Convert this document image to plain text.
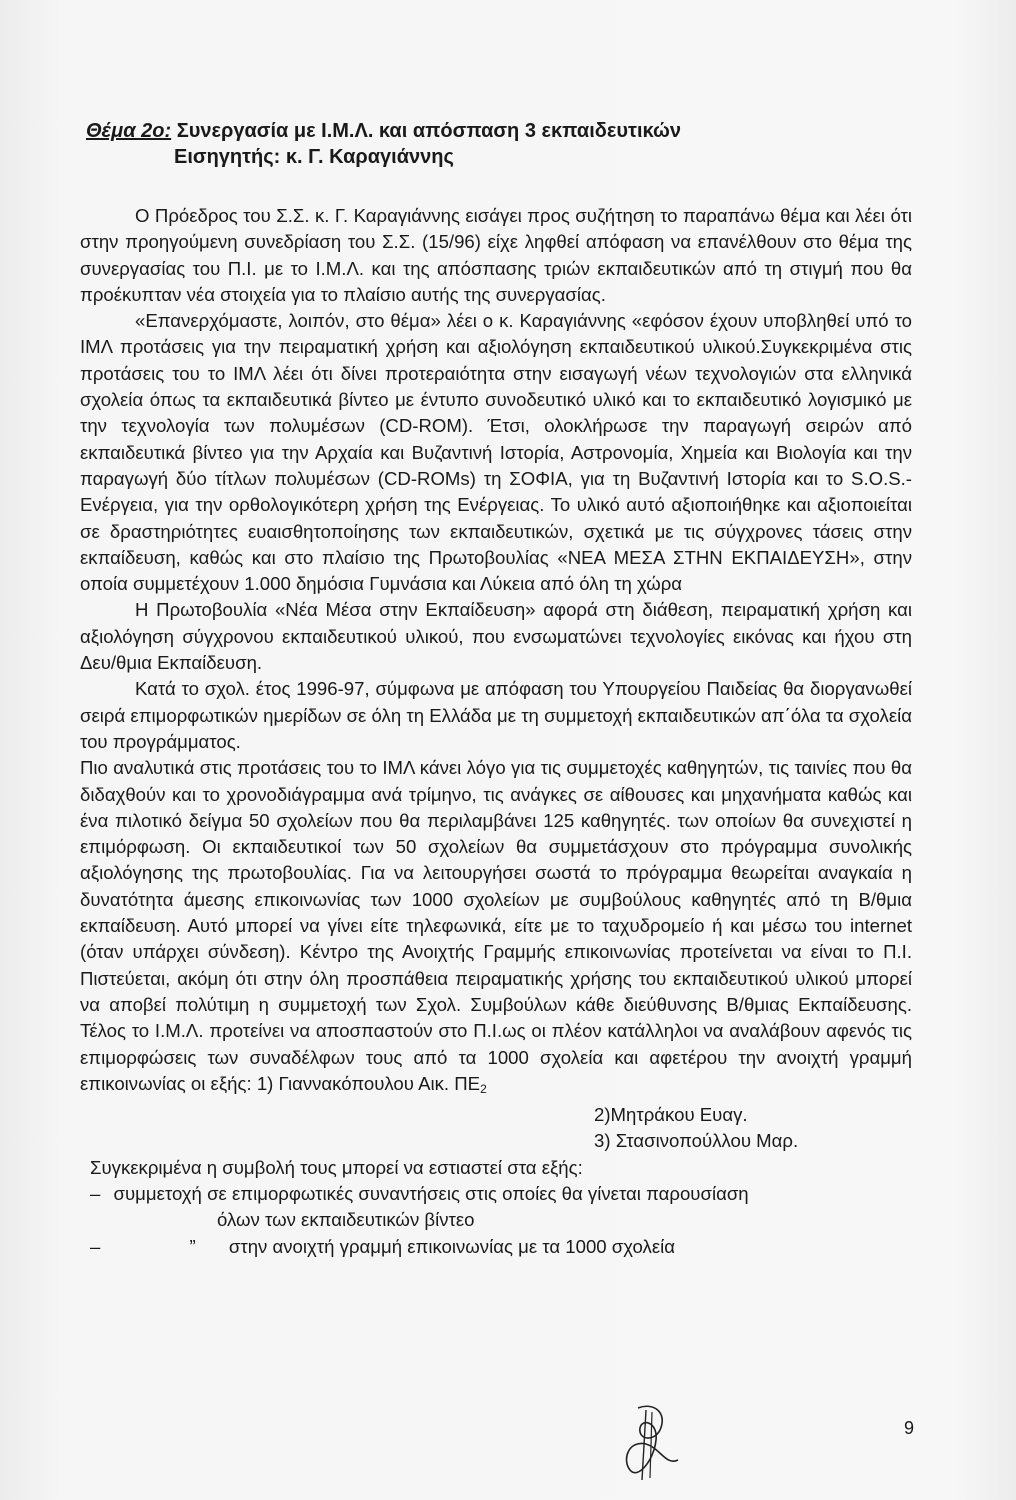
Θέμα 2ο: Συνεργασία με Ι.Μ.Λ. και απόσπαση 3 εκπαιδευτικών
Εισηγητής: κ. Γ. Καραγιάννης

Ο Πρόεδρος του Σ.Σ. κ. Γ. Καραγιάννης εισάγει προς συζήτηση το παραπάνω θέμα και λέει ότι στην προηγούμενη συνεδρίαση του Σ.Σ. (15/96) είχε ληφθεί απόφαση να επανέλθουν στο θέμα της συνεργασίας του Π.Ι. με το Ι.Μ.Λ. και της απόσπασης τριών εκπαιδευτικών από τη στιγμή που θα προέκυπταν νέα στοιχεία για το πλαίσιο αυτής της συνεργασίας.

«Επανερχόμαστε, λοιπόν, στο θέμα» λέει ο κ. Καραγιάννης «εφόσον έχουν υποβληθεί υπό το ΙΜΛ προτάσεις για την πειραματική χρήση και αξιολόγηση εκπαιδευτικού υλικού.Συγκεκριμένα στις προτάσεις του το ΙΜΛ λέει ότι δίνει προτεραιότητα στην εισαγωγή νέων τεχνολογιών στα ελληνικά σχολεία όπως τα εκπαιδευτικά βίντεο με έντυπο συνοδευτικό υλικό και το εκπαιδευτικό λογισμικό με την τεχνολογία των πολυμέσων (CD-ROM). Έτσι, ολοκλήρωσε την παραγωγή σειρών από εκπαιδευτικά βίντεο για την Αρχαία και Βυζαντινή Ιστορία, Αστρονομία, Χημεία και Βιολογία και την παραγωγή δύο τίτλων πολυμέσων (CD-ROMs) τη ΣΟΦΙΑ, για τη Βυζαντινή Ιστορία και το S.O.S.- Ενέργεια, για την ορθολογικότερη χρήση της Ενέργειας. Το υλικό αυτό αξιοποιήθηκε και αξιοποιείται σε δραστηριότητες ευαισθητοποίησης των εκπαιδευτικών, σχετικά με τις σύγχρονες τάσεις στην εκπαίδευση, καθώς και στο πλαίσιο της Πρωτοβουλίας «ΝΕΑ ΜΕΣΑ ΣΤΗΝ ΕΚΠΑΙΔΕΥΣΗ», στην οποία συμμετέχουν 1.000 δημόσια Γυμνάσια και Λύκεια από όλη τη χώρα

Η Πρωτοβουλία «Νέα Μέσα στην Εκπαίδευση» αφορά στη διάθεση, πειραματική χρήση και αξιολόγηση σύγχρονου εκπαιδευτικού υλικού, που ενσωματώνει τεχνολογίες εικόνας και ήχου στη Δευ/θμια Εκπαίδευση.

Κατά το σχολ. έτος 1996-97, σύμφωνα με απόφαση του Υπουργείου Παιδείας θα διοργανωθεί σειρά επιμορφωτικών ημερίδων σε όλη τη Ελλάδα με τη συμμετοχή εκπαιδευτικών απ΄όλα τα σχολεία του προγράμματος.

Πιο αναλυτικά στις προτάσεις του το ΙΜΛ κάνει λόγο για τις συμμετοχές καθηγητών, τις ταινίες που θα διδαχθούν και το χρονοδιάγραμμα ανά τρίμηνο, τις ανάγκες σε αίθουσες και μηχανήματα καθώς και ένα πιλοτικό δείγμα 50 σχολείων που θα περιλαμβάνει 125 καθηγητές. των οποίων θα συνεχιστεί η επιμόρφωση. Οι εκπαιδευτικοί των 50 σχολείων θα συμμετάσχουν στο πρόγραμμα συνολικής αξιολόγησης της πρωτοβουλίας. Για να λειτουργήσει σωστά το πρόγραμμα θεωρείται αναγκαία η δυνατότητα άμεσης επικοινωνίας των 1000 σχολείων με συμβούλους καθηγητές από τη Β/θμια εκπαίδευση. Αυτό μπορεί να γίνει είτε τηλεφωνικά, είτε με το ταχυδρομείο ή και μέσω του internet (όταν υπάρχει σύνδεση). Κέντρο της Ανοιχτής Γραμμής επικοινωνίας προτείνεται να είναι το Π.Ι. Πιστεύεται, ακόμη ότι στην όλη προσπάθεια πειραματικής χρήσης του εκπαιδευτικού υλικού μπορεί να αποβεί πολύτιμη η συμμετοχή των Σχολ. Συμβούλων κάθε διεύθυνσης Β/θμιας Εκπαίδευσης. Τέλος το Ι.Μ.Λ. προτείνει να αποσπαστούν στο Π.Ι.ως οι πλέον κατάλληλοι να αναλάβουν αφενός τις επιμορφώσεις των συναδέλφων τους από τα 1000 σχολεία και αφετέρου την ανοιχτή γραμμή επικοινωνίας οι εξής: 1) Γιαννακόπουλου Αικ. $\Pi E_2$

2)Μητράκου Ευαγ.

3) Στασινοπούλλου Μαρ.

Συγκεκριμένα η συμβολή τους μπορεί να εστιαστεί στα εξής:

– συμμετοχή σε επιμορφωτικές συναντήσεις στις οποίες θα γίνεται παρουσίαση

όλων των εκπαιδευτικών βίντεο

–	” στην ανοιχτή γραμμή επικοινωνίας με τα 1000 σχολεία

9
